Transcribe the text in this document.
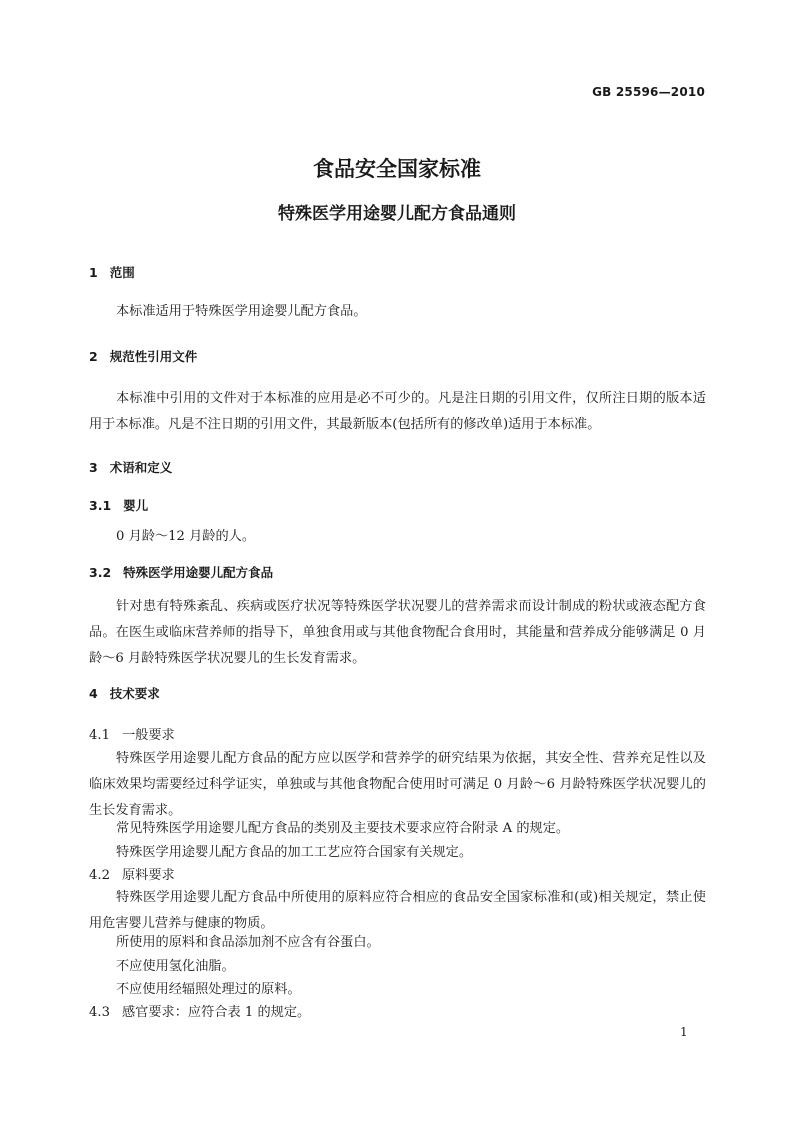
GB 25596—2010
食品安全国家标准
特殊医学用途婴儿配方食品通则
1 范围
本标准适用于特殊医学用途婴儿配方食品。
2 规范性引用文件
本标准中引用的文件对于本标准的应用是必不可少的。凡是注日期的引用文件，仅所注日期的版本适用于本标准。凡是不注日期的引用文件，其最新版本(包括所有的修改单)适用于本标准。
3 术语和定义
3.1 婴儿
0 月龄～12 月龄的人。
3.2 特殊医学用途婴儿配方食品
针对患有特殊紊乱、疾病或医疗状况等特殊医学状况婴儿的营养需求而设计制成的粉状或液态配方食品。在医生或临床营养师的指导下，单独食用或与其他食物配合食用时，其能量和营养成分能够满足 0 月龄～6 月龄特殊医学状况婴儿的生长发育需求。
4 技术要求
4.1 一般要求
特殊医学用途婴儿配方食品的配方应以医学和营养学的研究结果为依据，其安全性、营养充足性以及临床效果均需要经过科学证实，单独或与其他食物配合使用时可满足 0 月龄～6 月龄特殊医学状况婴儿的生长发育需求。
常见特殊医学用途婴儿配方食品的类别及主要技术要求应符合附录 A 的规定。
特殊医学用途婴儿配方食品的加工工艺应符合国家有关规定。
4.2 原料要求
特殊医学用途婴儿配方食品中所使用的原料应符合相应的食品安全国家标准和(或)相关规定，禁止使用危害婴儿营养与健康的物质。
所使用的原料和食品添加剂不应含有谷蛋白。
不应使用氢化油脂。
不应使用经辐照处理过的原料。
4.3 感官要求：应符合表 1 的规定。
1
